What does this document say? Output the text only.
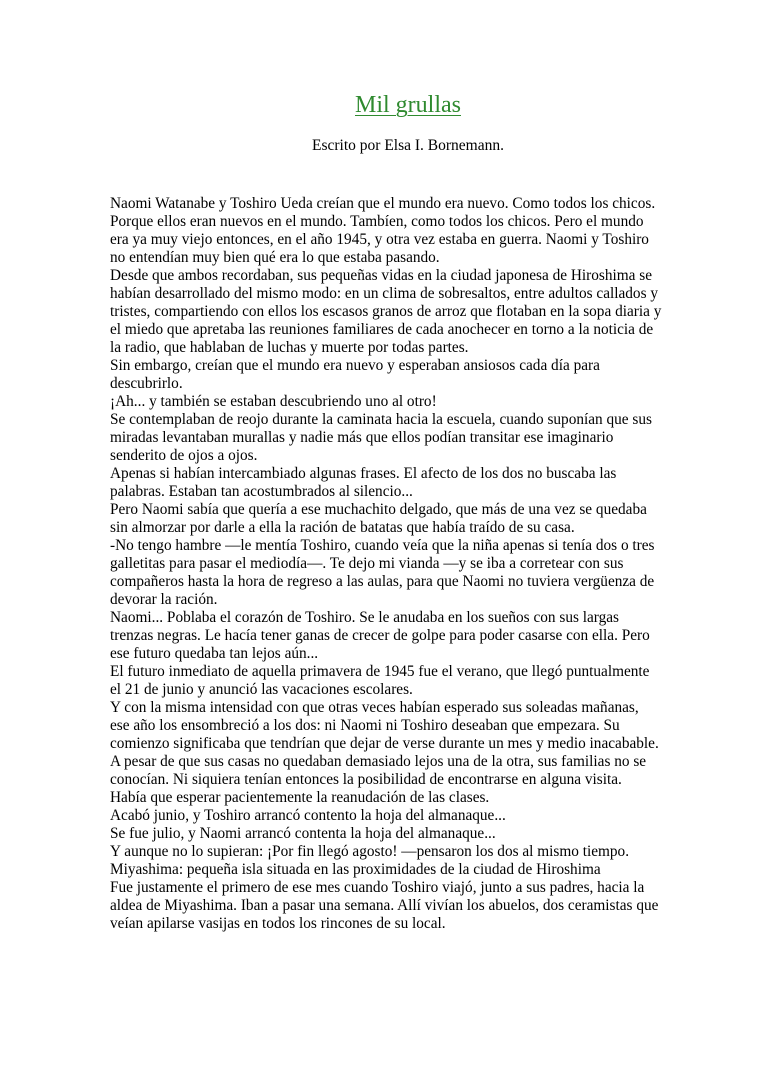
Mil grullas
Escrito por Elsa I. Bornemann.

Naomi Watanabe y Toshiro Ueda creían que el mundo era nuevo. Como todos los chicos.

Porque ellos eran nuevos en el mundo. Tambíen, como todos los chicos. Pero el mundo era ya muy viejo entonces, en el año 1945, y otra vez estaba en guerra. Naomi y Toshiro no entendían muy bien qué era lo que estaba pasando.

Desde que ambos recordaban, sus pequeñas vidas en la ciudad japonesa de Hiroshima se habían desarrollado del mismo modo: en un clima de sobresaltos, entre adultos callados y tristes, compartiendo con ellos los escasos granos de arroz que flotaban en la sopa diaria y el miedo que apretaba las reuniones familiares de cada anochecer en torno a la noticia de la radio, que hablaban de luchas y muerte por todas partes.

Sin embargo, creían que el mundo era nuevo y esperaban ansiosos cada día para descubrirlo.

¡Ah... y también se estaban descubriendo uno al otro!

Se contemplaban de reojo durante la caminata hacia la escuela, cuando suponían que sus miradas levantaban murallas y nadie más que ellos podían transitar ese imaginario senderito de ojos a ojos.

Apenas si habían intercambiado algunas frases. El afecto de los dos no buscaba las palabras. Estaban tan acostumbrados al silencio...

Pero Naomi sabía que quería a ese muchachito delgado, que más de una vez se quedaba sin almorzar por darle a ella la ración de batatas que había traído de su casa.

-No tengo hambre —le mentía Toshiro, cuando veía que la niña apenas si tenía dos o tres galletitas para pasar el mediodía—. Te dejo mi vianda —y se iba a corretear con sus compañeros hasta la hora de regreso a las aulas, para que Naomi no tuviera vergüenza de devorar la ración.

Naomi... Poblaba el corazón de Toshiro. Se le anudaba en los sueños con sus largas trenzas negras. Le hacía tener ganas de crecer de golpe para poder casarse con ella. Pero ese futuro quedaba tan lejos aún...

El futuro inmediato de aquella primavera de 1945 fue el verano, que llegó puntualmente el 21 de junio y anunció las vacaciones escolares.

Y con la misma intensidad con que otras veces habían esperado sus soleadas mañanas, ese año los ensombreció a los dos: ni Naomi ni Toshiro deseaban que empezara. Su comienzo significaba que tendrían que dejar de verse durante un mes y medio inacabable.

A pesar de que sus casas no quedaban demasiado lejos una de la otra, sus familias no se conocían. Ni siquiera tenían entonces la posibilidad de encontrarse en alguna visita. Había que esperar pacientemente la reanudación de las clases.

Acabó junio, y Toshiro arrancó contento la hoja del almanaque...

Se fue julio, y Naomi arrancó contenta la hoja del almanaque...

Y aunque no lo supieran: ¡Por fin llegó agosto! —pensaron los dos al mismo tiempo.

Miyashima: pequeña isla situada en las proximidades de la ciudad de Hiroshima

Fue justamente el primero de ese mes cuando Toshiro viajó, junto a sus padres, hacia la aldea de Miyashima. Iban a pasar una semana. Allí vivían los abuelos, dos ceramistas que veían apilarse vasijas en todos los rincones de su local.
